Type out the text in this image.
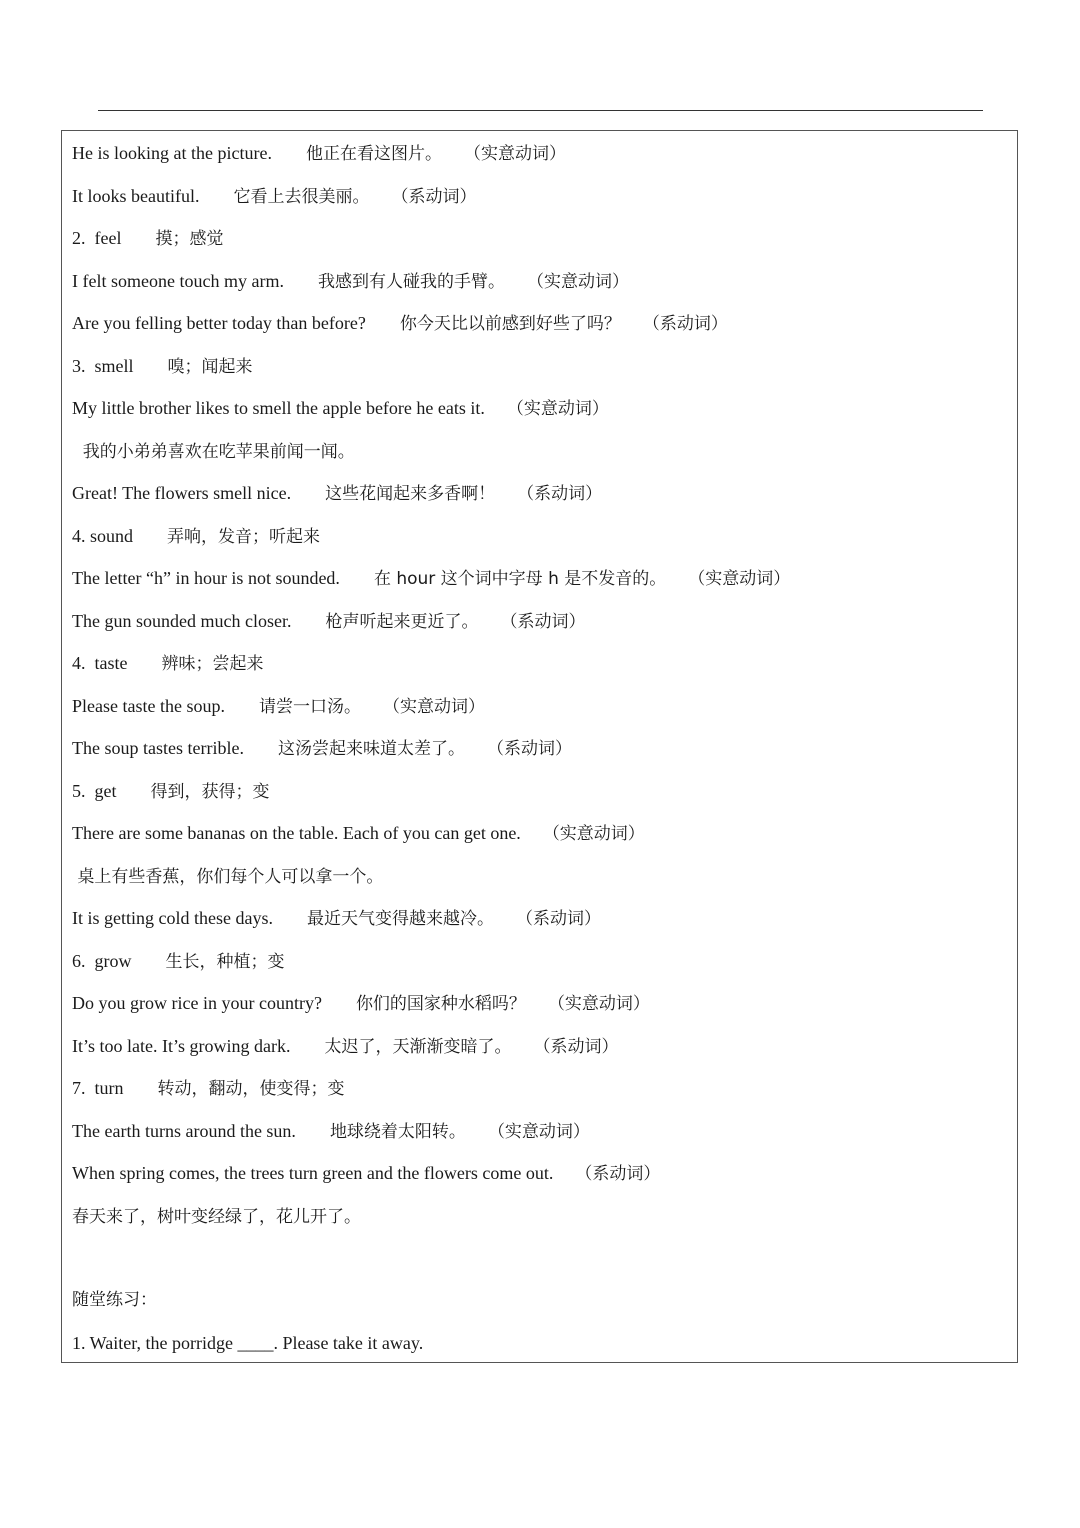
He is looking at the picture. 他正在看这图片。 （实意动词）
It looks beautiful. 它看上去很美丽。 （系动词）
2.  feel 摸；感觉
I felt someone touch my arm. 我感到有人碰我的手臂。 （实意动词）
Are you felling better today than before? 你今天比以前感到好些了吗？ （系动词）
3.  smell 嗅；闻起来
My little brother likes to smell the apple before he eats it. （实意动词）
我的小弟弟喜欢在吃苹果前闻一闻。
Great! The flowers smell nice. 这些花闻起来多香啊！ （系动词）
4. sound 弄响，发音；听起来
The letter “h” in hour is not sounded. 在 hour 这个词中字母 h 是不发音的。 （实意动词）
The gun sounded much closer. 枪声听起来更近了。 （系动词）
4.  taste 辨味；尝起来
Please taste the soup. 请尝一口汤。 （实意动词）
The soup tastes terrible. 这汤尝起来味道太差了。 （系动词）
5.  get 得到，获得；变
There are some bananas on the table. Each of you can get one. （实意动词）
桌上有些香蕉，你们每个人可以拿一个。
It is getting cold these days. 最近天气变得越来越冷。 （系动词）
6.  grow 生长，种植；变
Do you grow rice in your country? 你们的国家种水稻吗？ （实意动词）
It’s too late. It’s growing dark. 太迟了，天渐渐变暗了。 （系动词）
7.  turn 转动，翻动，使变得；变
The earth turns around the sun. 地球绕着太阳转。 （实意动词）
When spring comes, the trees turn green and the flowers come out. （系动词）
春天来了，树叶变经绿了，花儿开了。
随堂练习：
1. Waiter, the porridge ____. Please take it away.
